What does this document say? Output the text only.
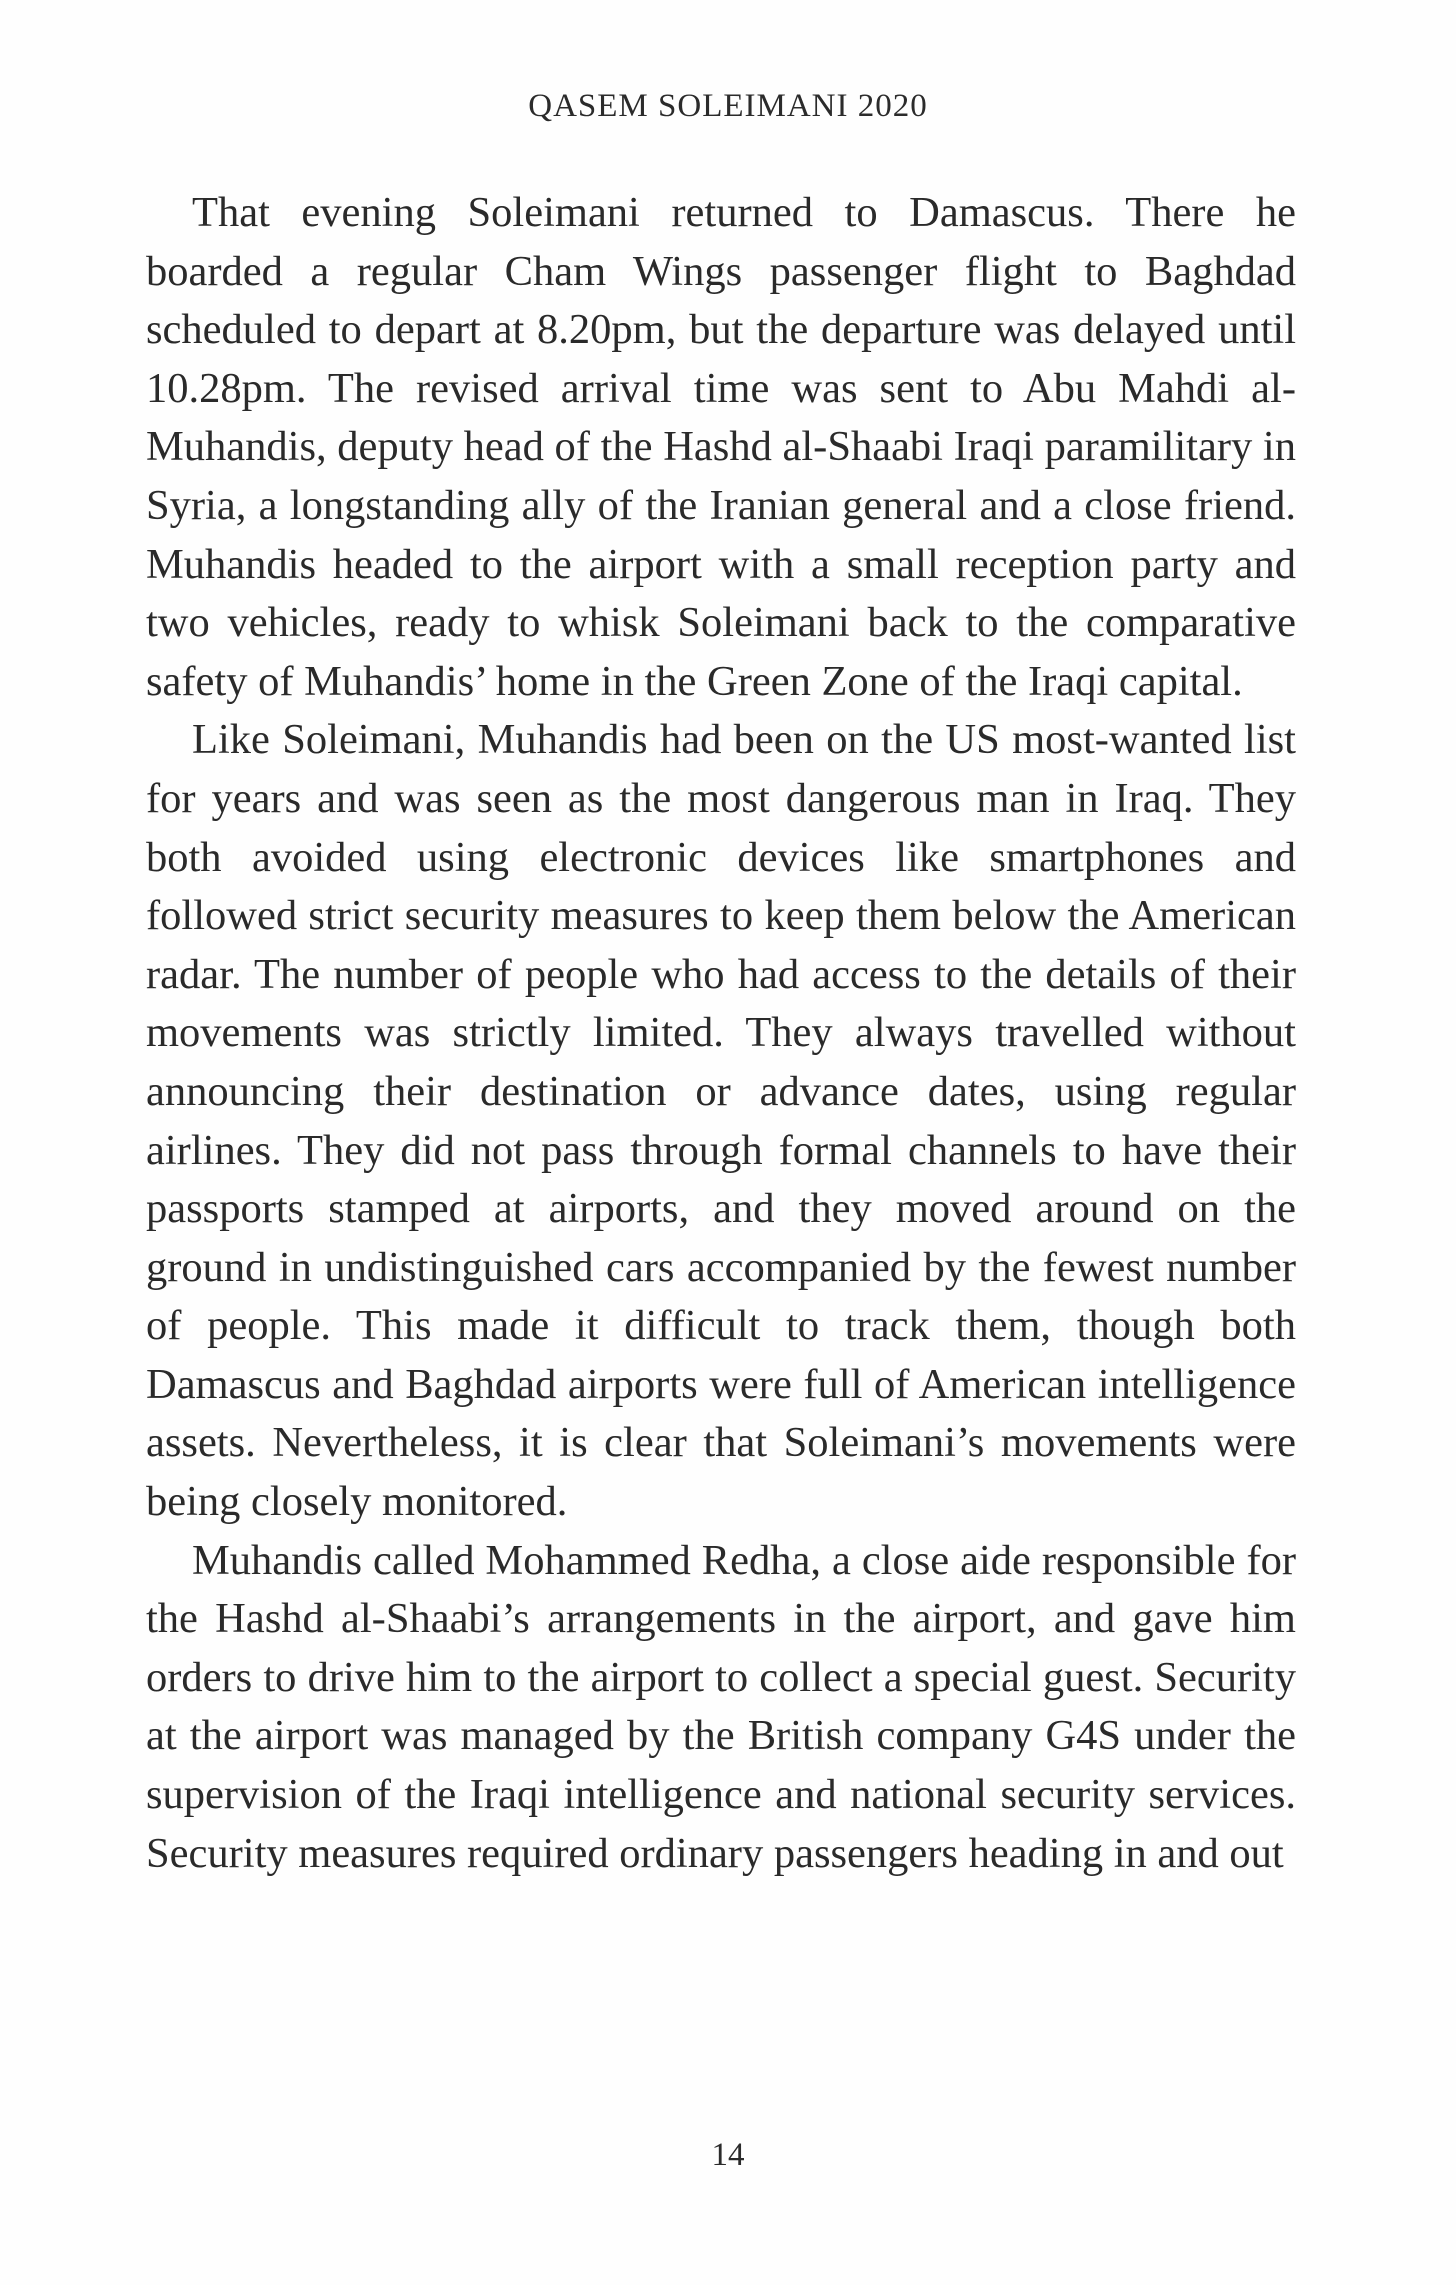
QASEM SOLEIMANI 2020

That evening Soleimani returned to Damascus. There he boarded a regular Cham Wings passenger flight to Baghdad scheduled to depart at 8.20pm, but the departure was delayed until 10.28pm. The revised arrival time was sent to Abu Mahdi al-Muhandis, deputy head of the Hashd al-Shaabi Iraqi paramilitary in Syria, a longstanding ally of the Iranian general and a close friend. Muhandis headed to the airport with a small reception party and two vehicles, ready to whisk Soleimani back to the comparative safety of Muhandis’ home in the Green Zone of the Iraqi capital.

Like Soleimani, Muhandis had been on the US most-wanted list for years and was seen as the most dangerous man in Iraq. They both avoided using electronic devices like smartphones and followed strict security measures to keep them below the American radar. The number of people who had access to the details of their movements was strictly limited. They always travelled without announcing their destination or advance dates, using regular airlines. They did not pass through formal channels to have their passports stamped at airports, and they moved around on the ground in undistinguished cars accompanied by the fewest number of people. This made it difficult to track them, though both Damascus and Baghdad airports were full of American intelligence assets. Nevertheless, it is clear that Soleimani’s movements were being closely monitored.

Muhandis called Mohammed Redha, a close aide responsible for the Hashd al-Shaabi’s arrangements in the airport, and gave him orders to drive him to the airport to collect a special guest. Security at the airport was managed by the British company G4S under the supervision of the Iraqi intelligence and national security services. Security measures required ordinary passengers heading in and out

14
